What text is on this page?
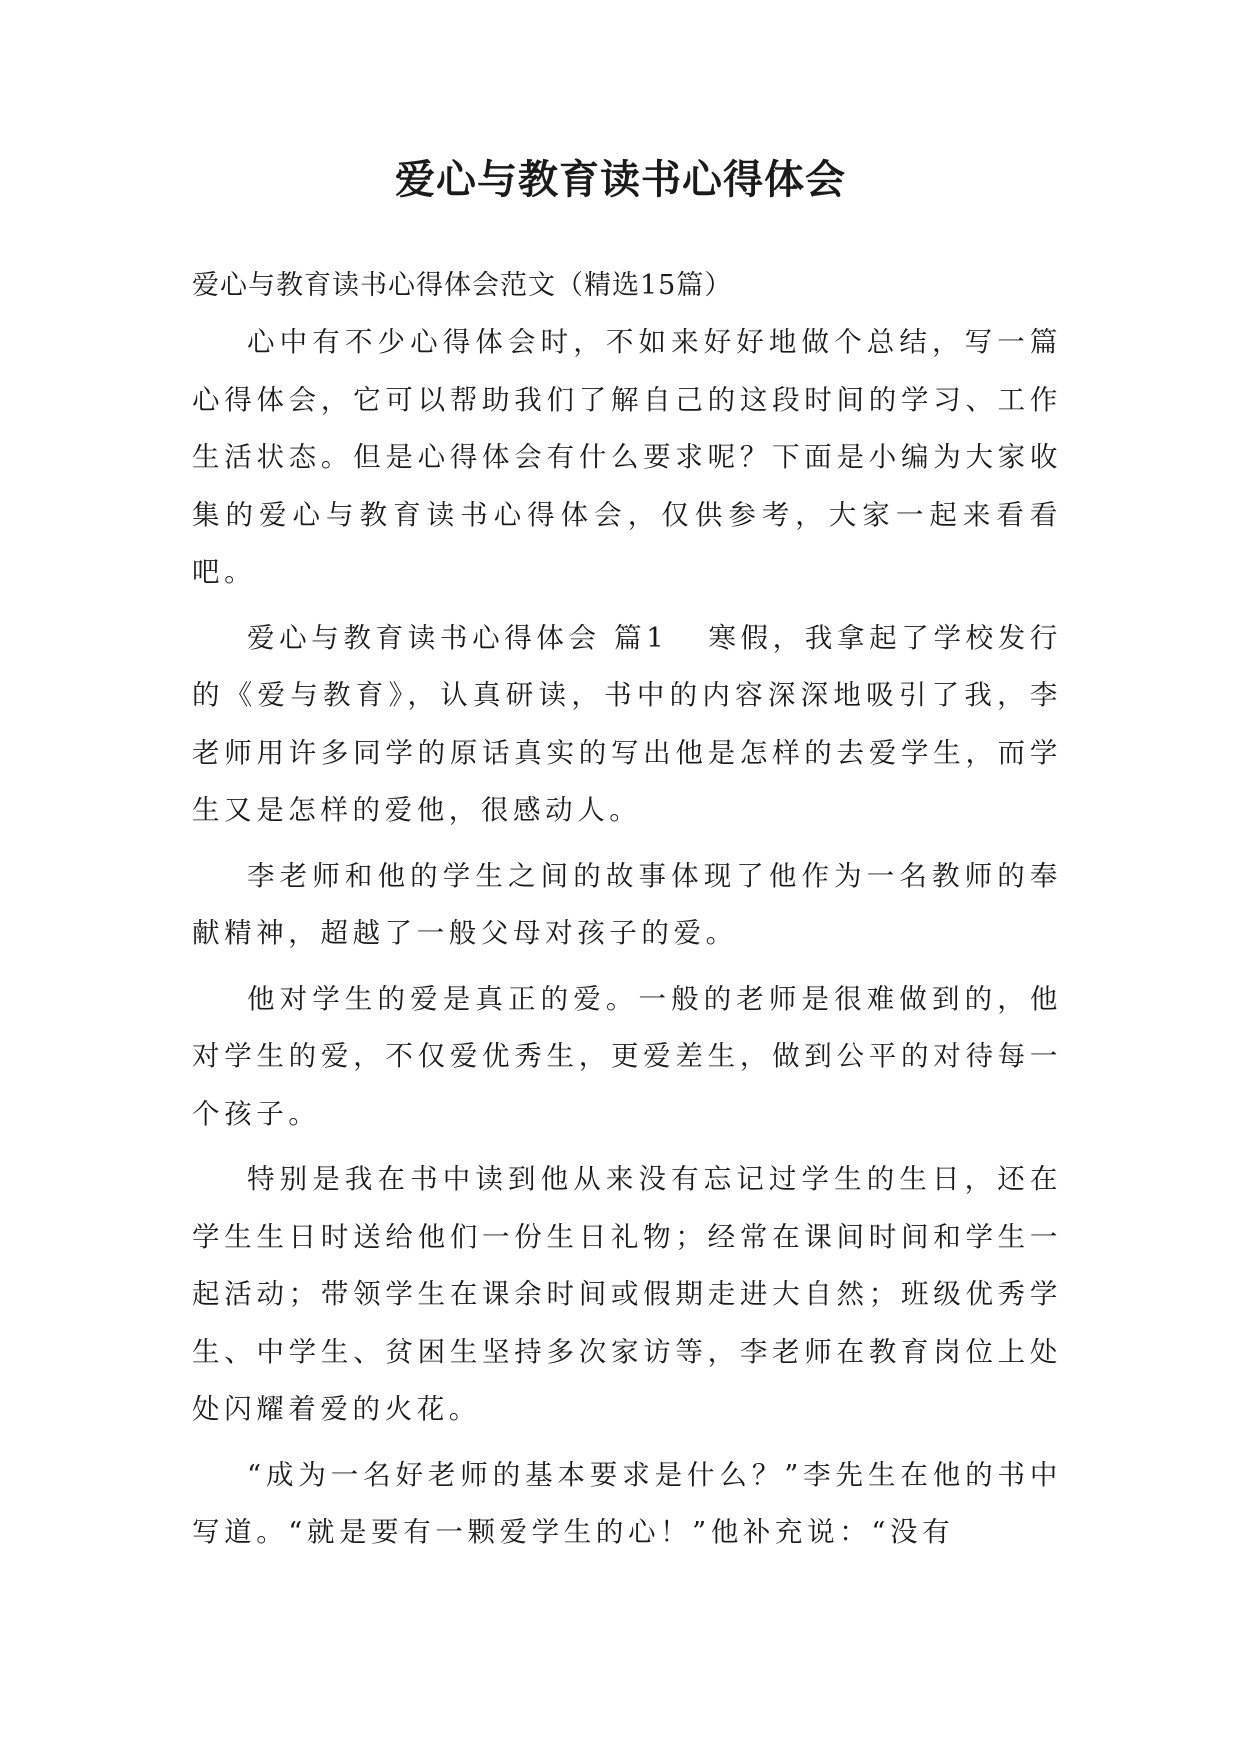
爱心与教育读书心得体会

爱心与教育读书心得体会范文（精选15篇）

心中有不少心得体会时，不如来好好地做个总结，写一篇心得体会，它可以帮助我们了解自己的这段时间的学习、工作生活状态。但是心得体会有什么要求呢？下面是小编为大家收集的爱心与教育读书心得体会，仅供参考，大家一起来看看吧。

爱心与教育读书心得体会 篇1 寒假，我拿起了学校发行的《爱与教育》，认真研读，书中的内容深深地吸引了我，李老师用许多同学的原话真实的写出他是怎样的去爱学生，而学生又是怎样的爱他，很感动人。

李老师和他的学生之间的故事体现了他作为一名教师的奉献精神，超越了一般父母对孩子的爱。

他对学生的爱是真正的爱。一般的老师是很难做到的，他对学生的爱，不仅爱优秀生，更爱差生，做到公平的对待每一个孩子。

特别是我在书中读到他从来没有忘记过学生的生日，还在学生生日时送给他们一份生日礼物；经常在课间时间和学生一起活动；带领学生在课余时间或假期走进大自然；班级优秀学生、中学生、贫困生坚持多次家访等，李老师在教育岗位上处处闪耀着爱的火花。

“成为一名好老师的基本要求是什么？”李先生在他的书中写道。“就是要有一颗爱学生的心！”他补充说：“没有
